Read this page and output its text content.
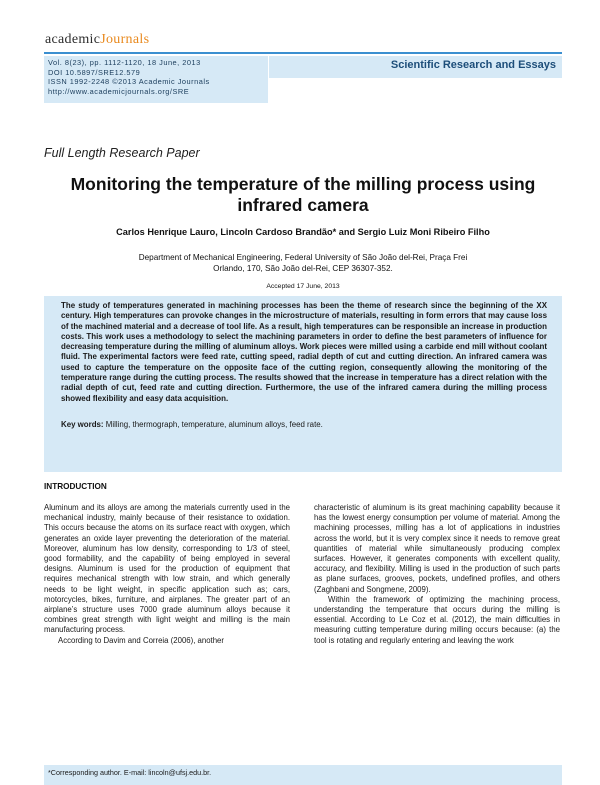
academicJournals
Vol. 8(23), pp. 1112-1120, 18 June, 2013
DOI 10.5897/SRE12.579
ISSN 1992-2248 ©2013 Academic Journals
http://www.academicjournals.org/SRE
Scientific Research and Essays
Full Length Research Paper
Monitoring the temperature of the milling process using infrared camera
Carlos Henrique Lauro, Lincoln Cardoso Brandão* and Sergio Luiz Moni Ribeiro Filho
Department of Mechanical Engineering, Federal University of São João del-Rei, Praça Frei
Orlando, 170, São João del-Rei, CEP 36307-352.
Accepted 17 June, 2013

The study of temperatures generated in machining processes has been the theme of research since the beginning of the XX century. High temperatures can provoke changes in the microstructure of materials, resulting in form errors that may cause loss of the machined material and a decrease of tool life. As a result, high temperatures can be responsible an increase in production costs. This work uses a methodology to select the machining parameters in order to define the best parameters of influence for decreasing temperature during the milling of aluminum alloys. Work pieces were milled using a carbide end mill without coolant fluid. The experimental factors were feed rate, cutting speed, radial depth of cut and cutting direction. An infrared camera was used to capture the temperature on the opposite face of the cutting region, consequently allowing the monitoring of the temperature range during the cutting process. The results showed that the increase in temperature has a direct relation with the radial depth of cut, feed rate and cutting direction. Furthermore, the use of the infrared camera during the milling process showed flexibility and easy data acquisition.

Key words: Milling, thermograph, temperature, aluminum alloys, feed rate.
INTRODUCTION

Aluminum and its alloys are among the materials currently used in the mechanical industry, mainly because of their resistance to oxidation. This occurs because the atoms on its surface react with oxygen, which generates an oxide layer preventing the deterioration of the material. Moreover, aluminum has low density, corresponding to 1/3 of steel, good formability, and the capability of being employed in several designs. Aluminum is used for the production of equipment that requires mechanical strength with low strain, and which generally needs to be light weight, in specific application such as; cars, motorcycles, bikes, furniture, and airplanes. The greater part of an airplane’s structure uses 7000 grade aluminum alloys because it combines great strength with light weight and milling is the main manufacturing process.

According to Davim and Correia (2006), another

characteristic of aluminum is its great machining capability because it has the lowest energy consumption per volume of material. Among the machining processes, milling has a lot of applications in industries across the world, but it is very complex since it needs to remove great quantities of material while simultaneously producing complex surfaces. However, it generates components with excellent quality, accuracy, and flexibility. Milling is used in the production of such parts as plane surfaces, grooves, pockets, undefined profiles, and others (Zaghbani and Songmene, 2009).

Within the framework of optimizing the machining process, understanding the temperature that occurs during the milling is essential. According to Le Coz et al. (2012), the main difficulties in measuring cutting temperature during milling occurs because: (a) the tool is rotating and regularly entering and leaving the work

*Corresponding author. E-mail: lincoln@ufsj.edu.br.
